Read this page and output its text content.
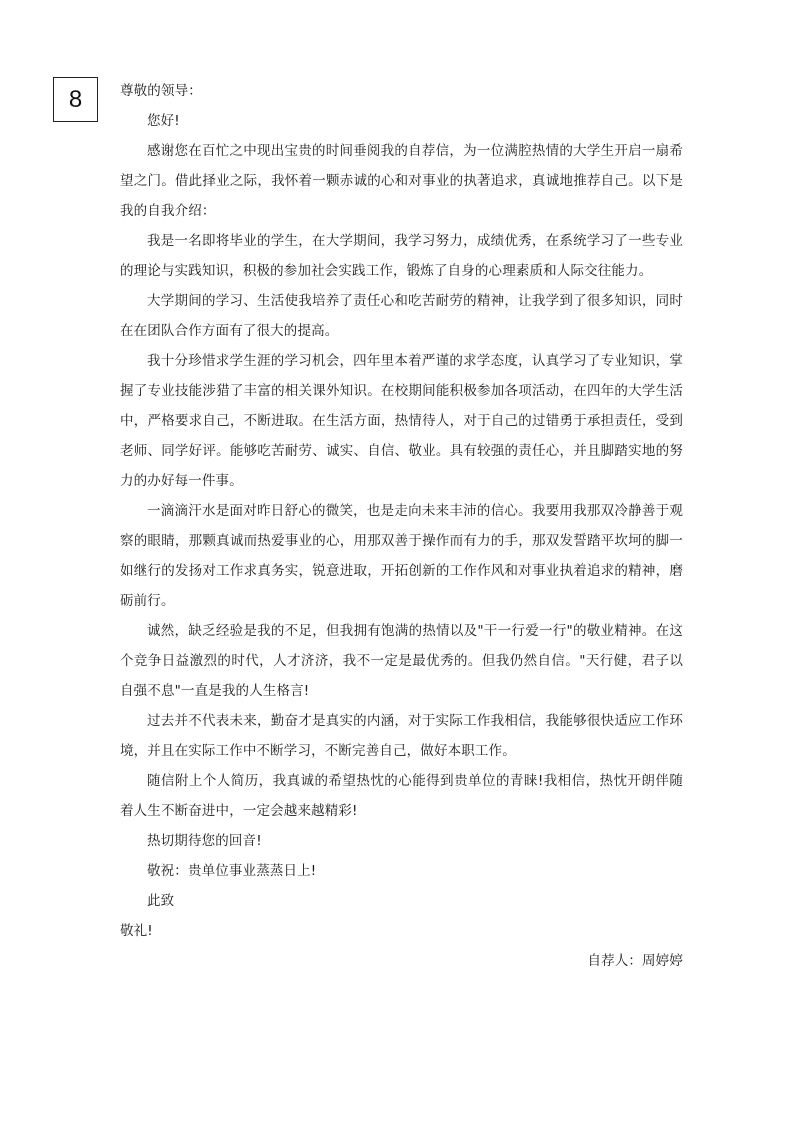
8	尊敬的领导：
您好!

感谢您在百忙之中现出宝贵的时间垂阅我的自荐信，为一位满腔热情的大学生开启一扇希望之门。借此择业之际，我怀着一颗赤诚的心和对事业的执著追求，真诚地推荐自己。以下是我的自我介绍：

我是一名即将毕业的学生，在大学期间，我学习努力，成绩优秀，在系统学习了一些专业的理论与实践知识，积极的参加社会实践工作，锻炼了自身的心理素质和人际交往能力。

大学期间的学习、生活使我培养了责任心和吃苦耐劳的精神，让我学到了很多知识，同时在在团队合作方面有了很大的提高。

我十分珍惜求学生涯的学习机会，四年里本着严谨的求学态度，认真学习了专业知识，掌握了专业技能涉猎了丰富的相关课外知识。在校期间能积极参加各项活动，在四年的大学生活中，严格要求自己，不断进取。在生活方面，热情待人，对于自己的过错勇于承担责任，受到老师、同学好评。能够吃苦耐劳、诚实、自信、敬业。具有较强的责任心，并且脚踏实地的努力的办好每一件事。

一滴滴汗水是面对昨日舒心的微笑，也是走向未来丰沛的信心。我要用我那双冷静善于观察的眼睛，那颗真诚而热爱事业的心，用那双善于操作而有力的手，那双发誓踏平坎坷的脚一如继行的发扬对工作求真务实，锐意进取，开拓创新的工作作风和对事业执着追求的精神，磨砺前行。

诚然，缺乏经验是我的不足，但我拥有饱满的热情以及"干一行爱一行"的敬业精神。在这个竞争日益激烈的时代，人才济济，我不一定是最优秀的。但我仍然自信。"天行健，君子以自强不息"一直是我的人生格言!

过去并不代表未来，勤奋才是真实的内涵，对于实际工作我相信，我能够很快适应工作环境，并且在实际工作中不断学习，不断完善自己，做好本职工作。

随信附上个人简历，我真诚的希望热忱的心能得到贵单位的青睐!我相信，热忱开朗伴随着人生不断奋进中，一定会越来越精彩!

热切期待您的回音!

敬祝：贵单位事业蒸蒸日上!
此致
敬礼!
自荐人：周婷婷
